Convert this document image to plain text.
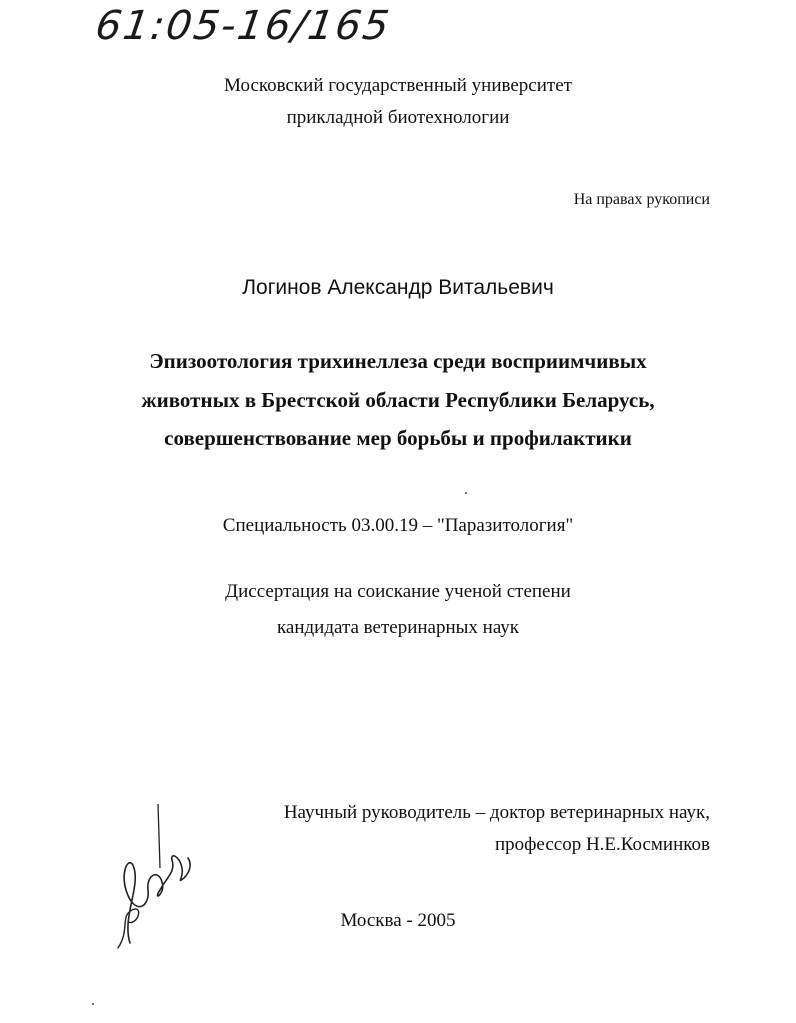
61:05-16/165
Московский государственный университет
прикладной биотехнологии
На правах рукописи
Логинов Александр Витальевич
Эпизоотология трихинеллеза среди восприимчивых
животных в Брестской области Республики Беларусь,
совершенствование мер борьбы и профилактики
Специальность 03.00.19 – "Паразитология"
Диссертация на соискание ученой степени
кандидата ветеринарных наук
Научный руководитель – доктор ветеринарных наук,
профессор Н.Е.Косминков
Москва - 2005
